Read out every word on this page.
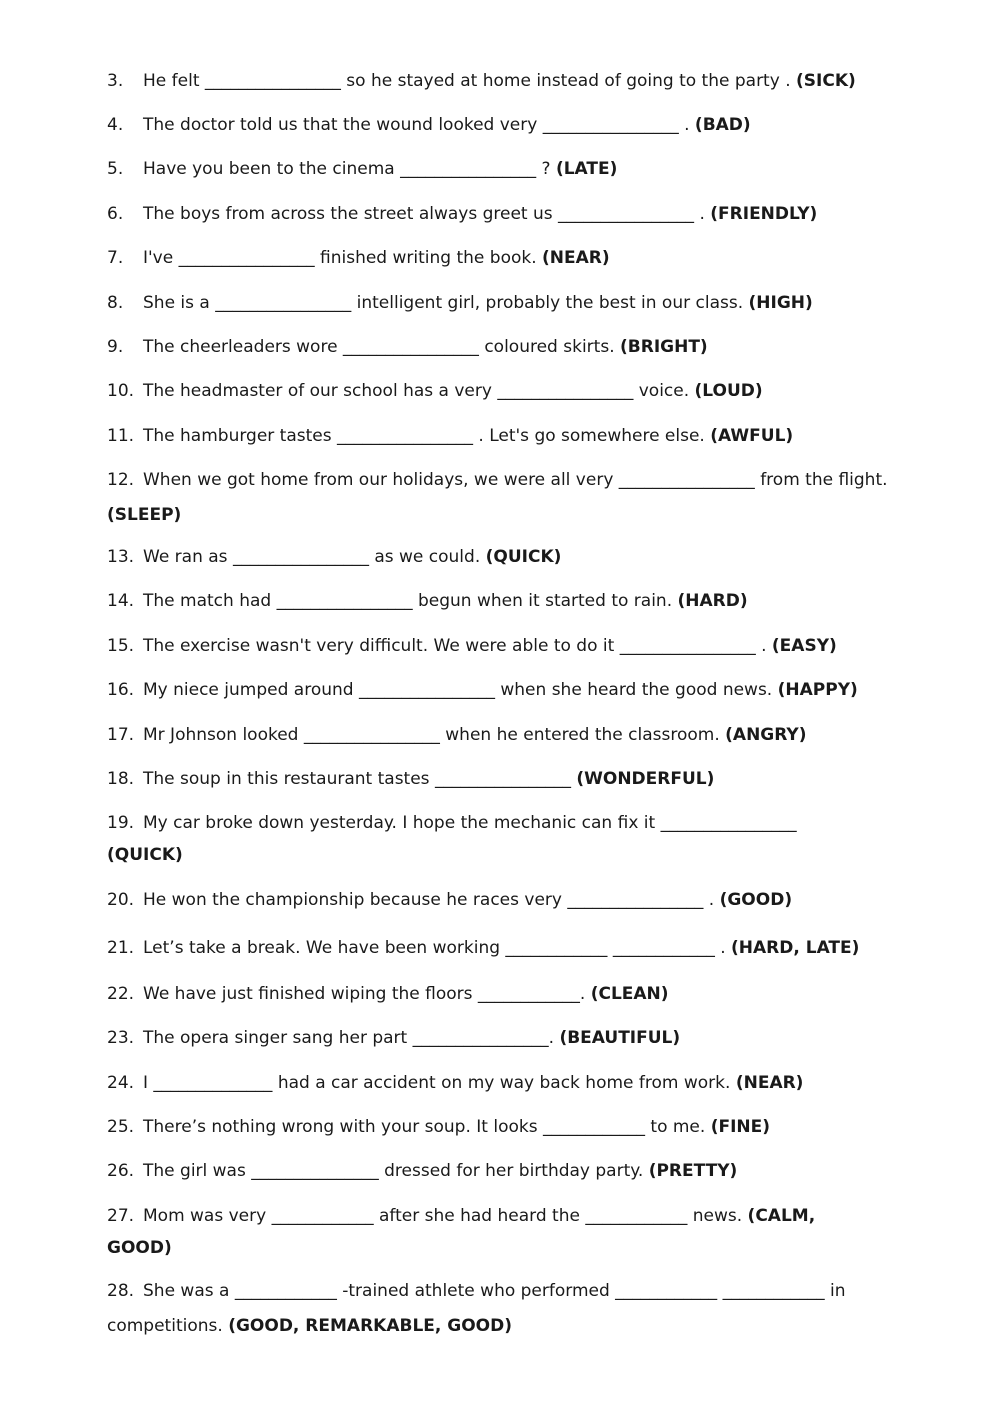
3. He felt ________________ so he stayed at home instead of going to the party . (SICK)
4. The doctor told us that the wound looked very ________________ . (BAD)
5. Have you been to the cinema ________________ ? (LATE)
6. The boys from across the street always greet us ________________ . (FRIENDLY)
7. I've ________________ finished writing the book. (NEAR)
8. She is a ________________ intelligent girl, probably the best in our class. (HIGH)
9. The cheerleaders wore ________________ coloured skirts. (BRIGHT)
10. The headmaster of our school has a very ________________ voice. (LOUD)
11. The hamburger tastes ________________ . Let's go somewhere else. (AWFUL)
12. When we got home from our holidays, we were all very ________________ from the flight.
(SLEEP)
13. We ran as ________________ as we could. (QUICK)
14. The match had ________________ begun when it started to rain. (HARD)
15. The exercise wasn't very difficult. We were able to do it ________________ . (EASY)
16. My niece jumped around ________________ when she heard the good news. (HAPPY)
17. Mr Johnson looked ________________ when he entered the classroom. (ANGRY)
18. The soup in this restaurant tastes ________________ (WONDERFUL)
19. My car broke down yesterday. I hope the mechanic can fix it ________________
(QUICK)
20. He won the championship because he races very ________________ . (GOOD)
21. Let’s take a break. We have been working ____________ ____________ . (HARD, LATE)
22. We have just finished wiping the floors ____________. (CLEAN)
23. The opera singer sang her part ________________. (BEAUTIFUL)
24. I ______________ had a car accident on my way back home from work. (NEAR)
25. There’s nothing wrong with your soup. It looks ____________ to me. (FINE)
26. The girl was _______________ dressed for her birthday party. (PRETTY)
27. Mom was very ____________ after she had heard the ____________ news. (CALM,
GOOD)
28. She was a ____________ -trained athlete who performed ____________ ____________ in
competitions. (GOOD, REMARKABLE, GOOD)
